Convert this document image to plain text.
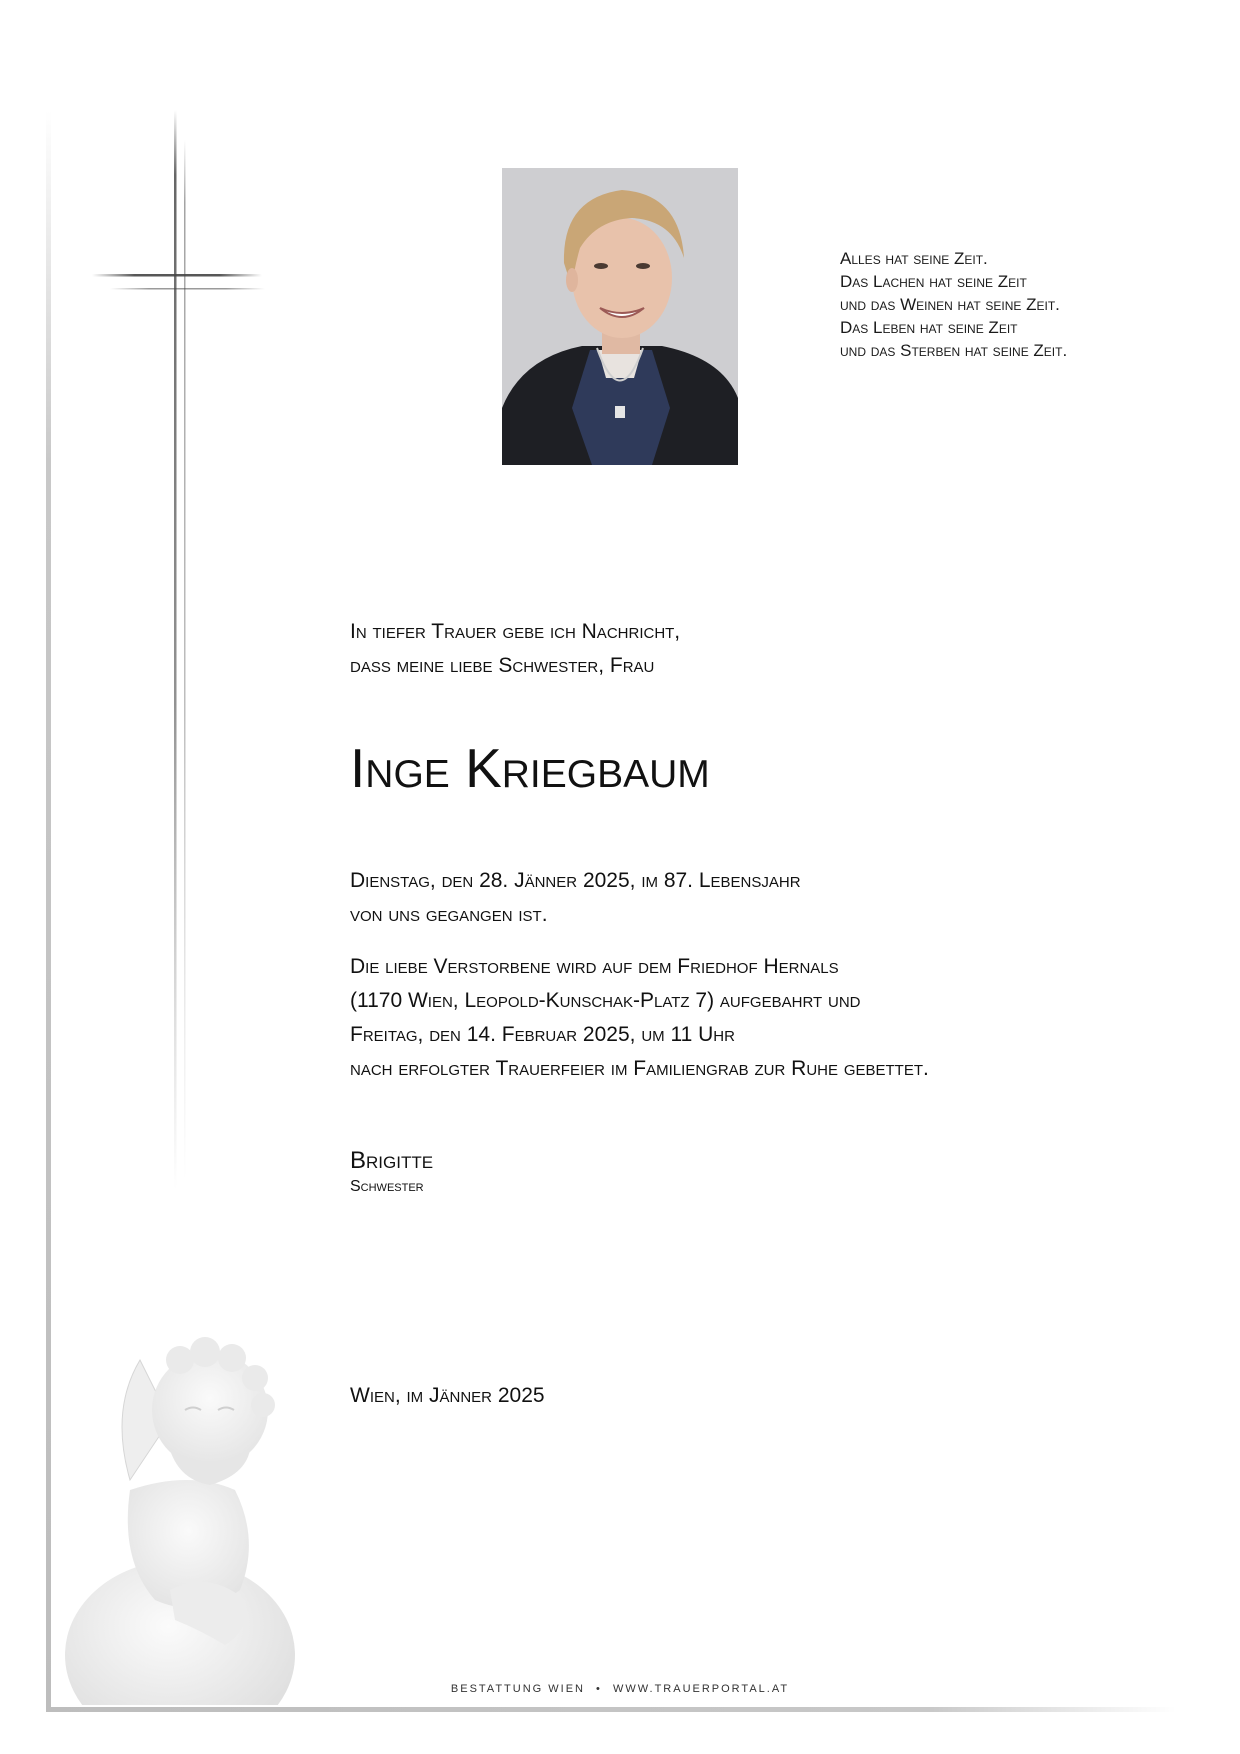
Alles hat seine Zeit.
Das Lachen hat seine Zeit
und das Weinen hat seine Zeit.
Das Leben hat seine Zeit
und das Sterben hat seine Zeit.
In tiefer Trauer gebe ich Nachricht,
dass meine liebe Schwester, Frau
Inge Kriegbaum
Dienstag, den 28. Jänner 2025, im 87. Lebensjahr
von uns gegangen ist.
Die liebe Verstorbene wird auf dem Friedhof Hernals
(1170 Wien, Leopold-Kunschak-Platz 7) aufgebahrt und
Freitag, den 14. Februar 2025, um 11 Uhr
nach erfolgter Trauerfeier im Familiengrab zur Ruhe gebettet.
Brigitte
Schwester
Wien, im Jänner 2025
BESTATTUNG WIEN • WWW.TRAUERPORTAL.AT
